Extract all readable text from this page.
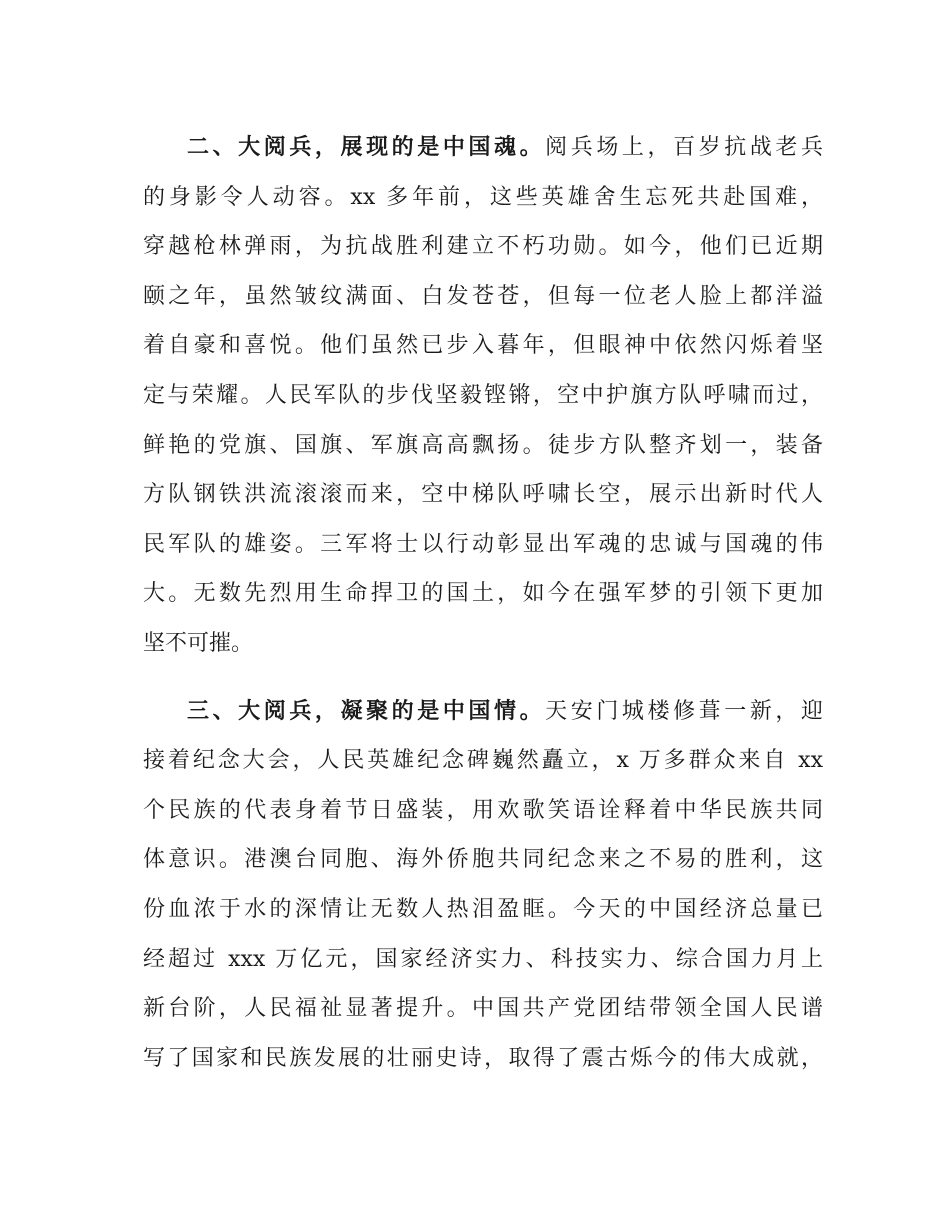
二、大阅兵，展现的是中国魂。阅兵场上，百岁抗战老兵
的身影令人动容。xx 多年前，这些英雄舍生忘死共赴国难，
穿越枪林弹雨，为抗战胜利建立不朽功勋。如今，他们已近期
颐之年，虽然皱纹满面、白发苍苍，但每一位老人脸上都洋溢
着自豪和喜悦。他们虽然已步入暮年，但眼神中依然闪烁着坚
定与荣耀。人民军队的步伐坚毅铿锵，空中护旗方队呼啸而过，
鲜艳的党旗、国旗、军旗高高飘扬。徒步方队整齐划一，装备
方队钢铁洪流滚滚而来，空中梯队呼啸长空，展示出新时代人
民军队的雄姿。三军将士以行动彰显出军魂的忠诚与国魂的伟
大。无数先烈用生命捍卫的国土，如今在强军梦的引领下更加
坚不可摧。
三、大阅兵，凝聚的是中国情。天安门城楼修葺一新，迎
接着纪念大会，人民英雄纪念碑巍然矗立，x 万多群众来自 xx
个民族的代表身着节日盛装，用欢歌笑语诠释着中华民族共同
体意识。港澳台同胞、海外侨胞共同纪念来之不易的胜利，这
份血浓于水的深情让无数人热泪盈眶。今天的中国经济总量已
经超过 xxx 万亿元，国家经济实力、科技实力、综合国力月上
新台阶，人民福祉显著提升。中国共产党团结带领全国人民谱
写了国家和民族发展的壮丽史诗，取得了震古烁今的伟大成就，
